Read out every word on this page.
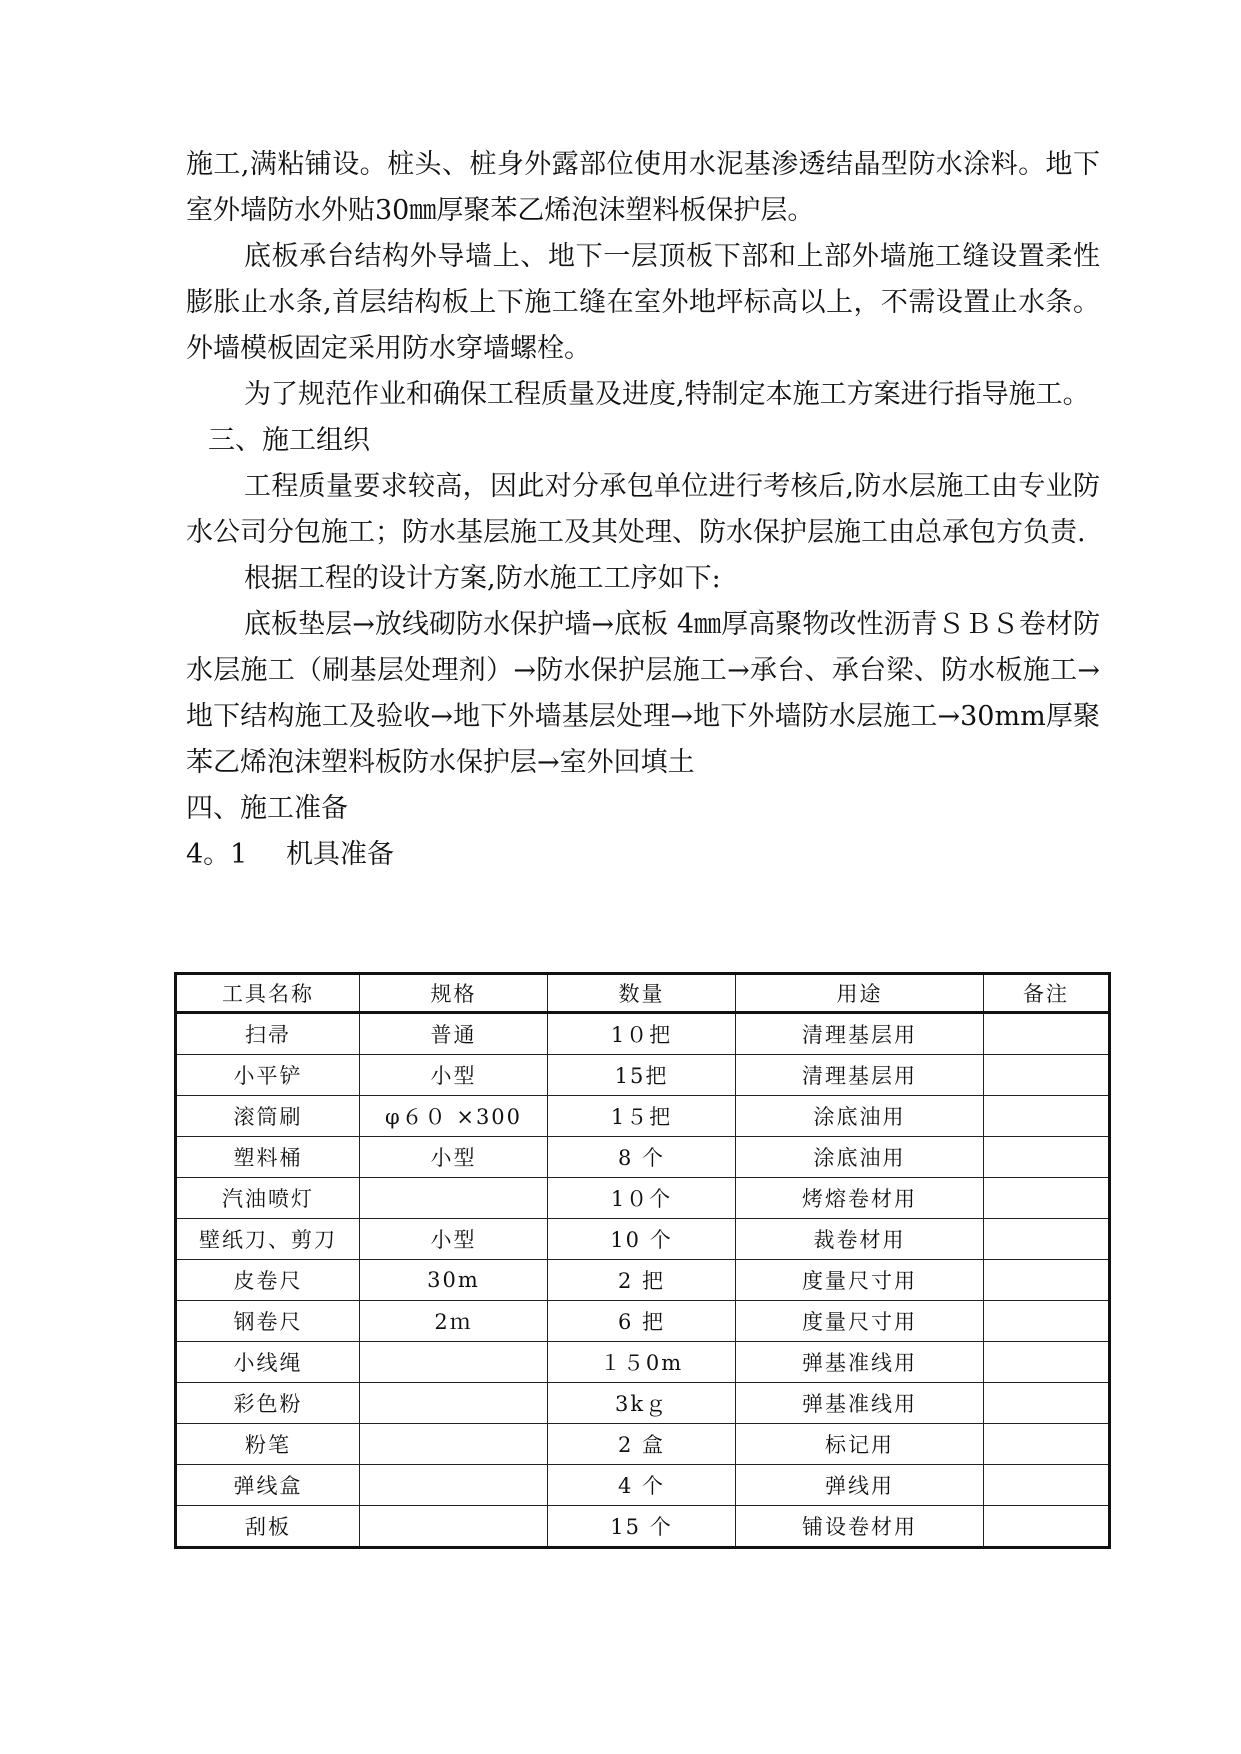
施工,满粘铺设。桩头、桩身外露部位使用水泥基渗透结晶型防水涂料。地下室外墙防水外贴30㎜厚聚苯乙烯泡沫塑料板保护层。

底板承台结构外导墙上、地下一层顶板下部和上部外墙施工缝设置柔性膨胀止水条,首层结构板上下施工缝在室外地坪标高以上，不需设置止水条。外墙模板固定采用防水穿墙螺栓。

为了规范作业和确保工程质量及进度,特制定本施工方案进行指导施工。

三、施工组织

工程质量要求较高，因此对分承包单位进行考核后,防水层施工由专业防水公司分包施工；防水基层施工及其处理、防水保护层施工由总承包方负责.

根据工程的设计方案,防水施工工序如下:

底板垫层→放线砌防水保护墙→底板 4㎜厚高聚物改性沥青ＳＢＳ卷材防水层施工（刷基层处理剂）→防水保护层施工→承台、承台梁、防水板施工→地下结构施工及验收→地下外墙基层处理→地下外墙防水层施工→30mm厚聚苯乙烯泡沫塑料板防水保护层→室外回填土

四、施工准备

4。1	机具准备

工具名称	规格	数量	用途	备注
扫帚	普通	1０把	清理基层用	
小平铲	小型	15把	清理基层用	
滚筒刷	φ６０ ×300	1５把	涂底油用	
塑料桶	小型	8 个	涂底油用	
汽油喷灯		1０个	烤熔卷材用	
壁纸刀、剪刀	小型	10 个	裁卷材用	
皮卷尺	30m	2 把	度量尺寸用	
钢卷尺	2ｍ	6 把	度量尺寸用	
小线绳		１５0m	弹基准线用	
彩色粉		3kｇ	弹基准线用	
粉笔		2 盒	标记用	
弹线盒		4 个	弹线用	
刮板		15 个	铺设卷材用	
